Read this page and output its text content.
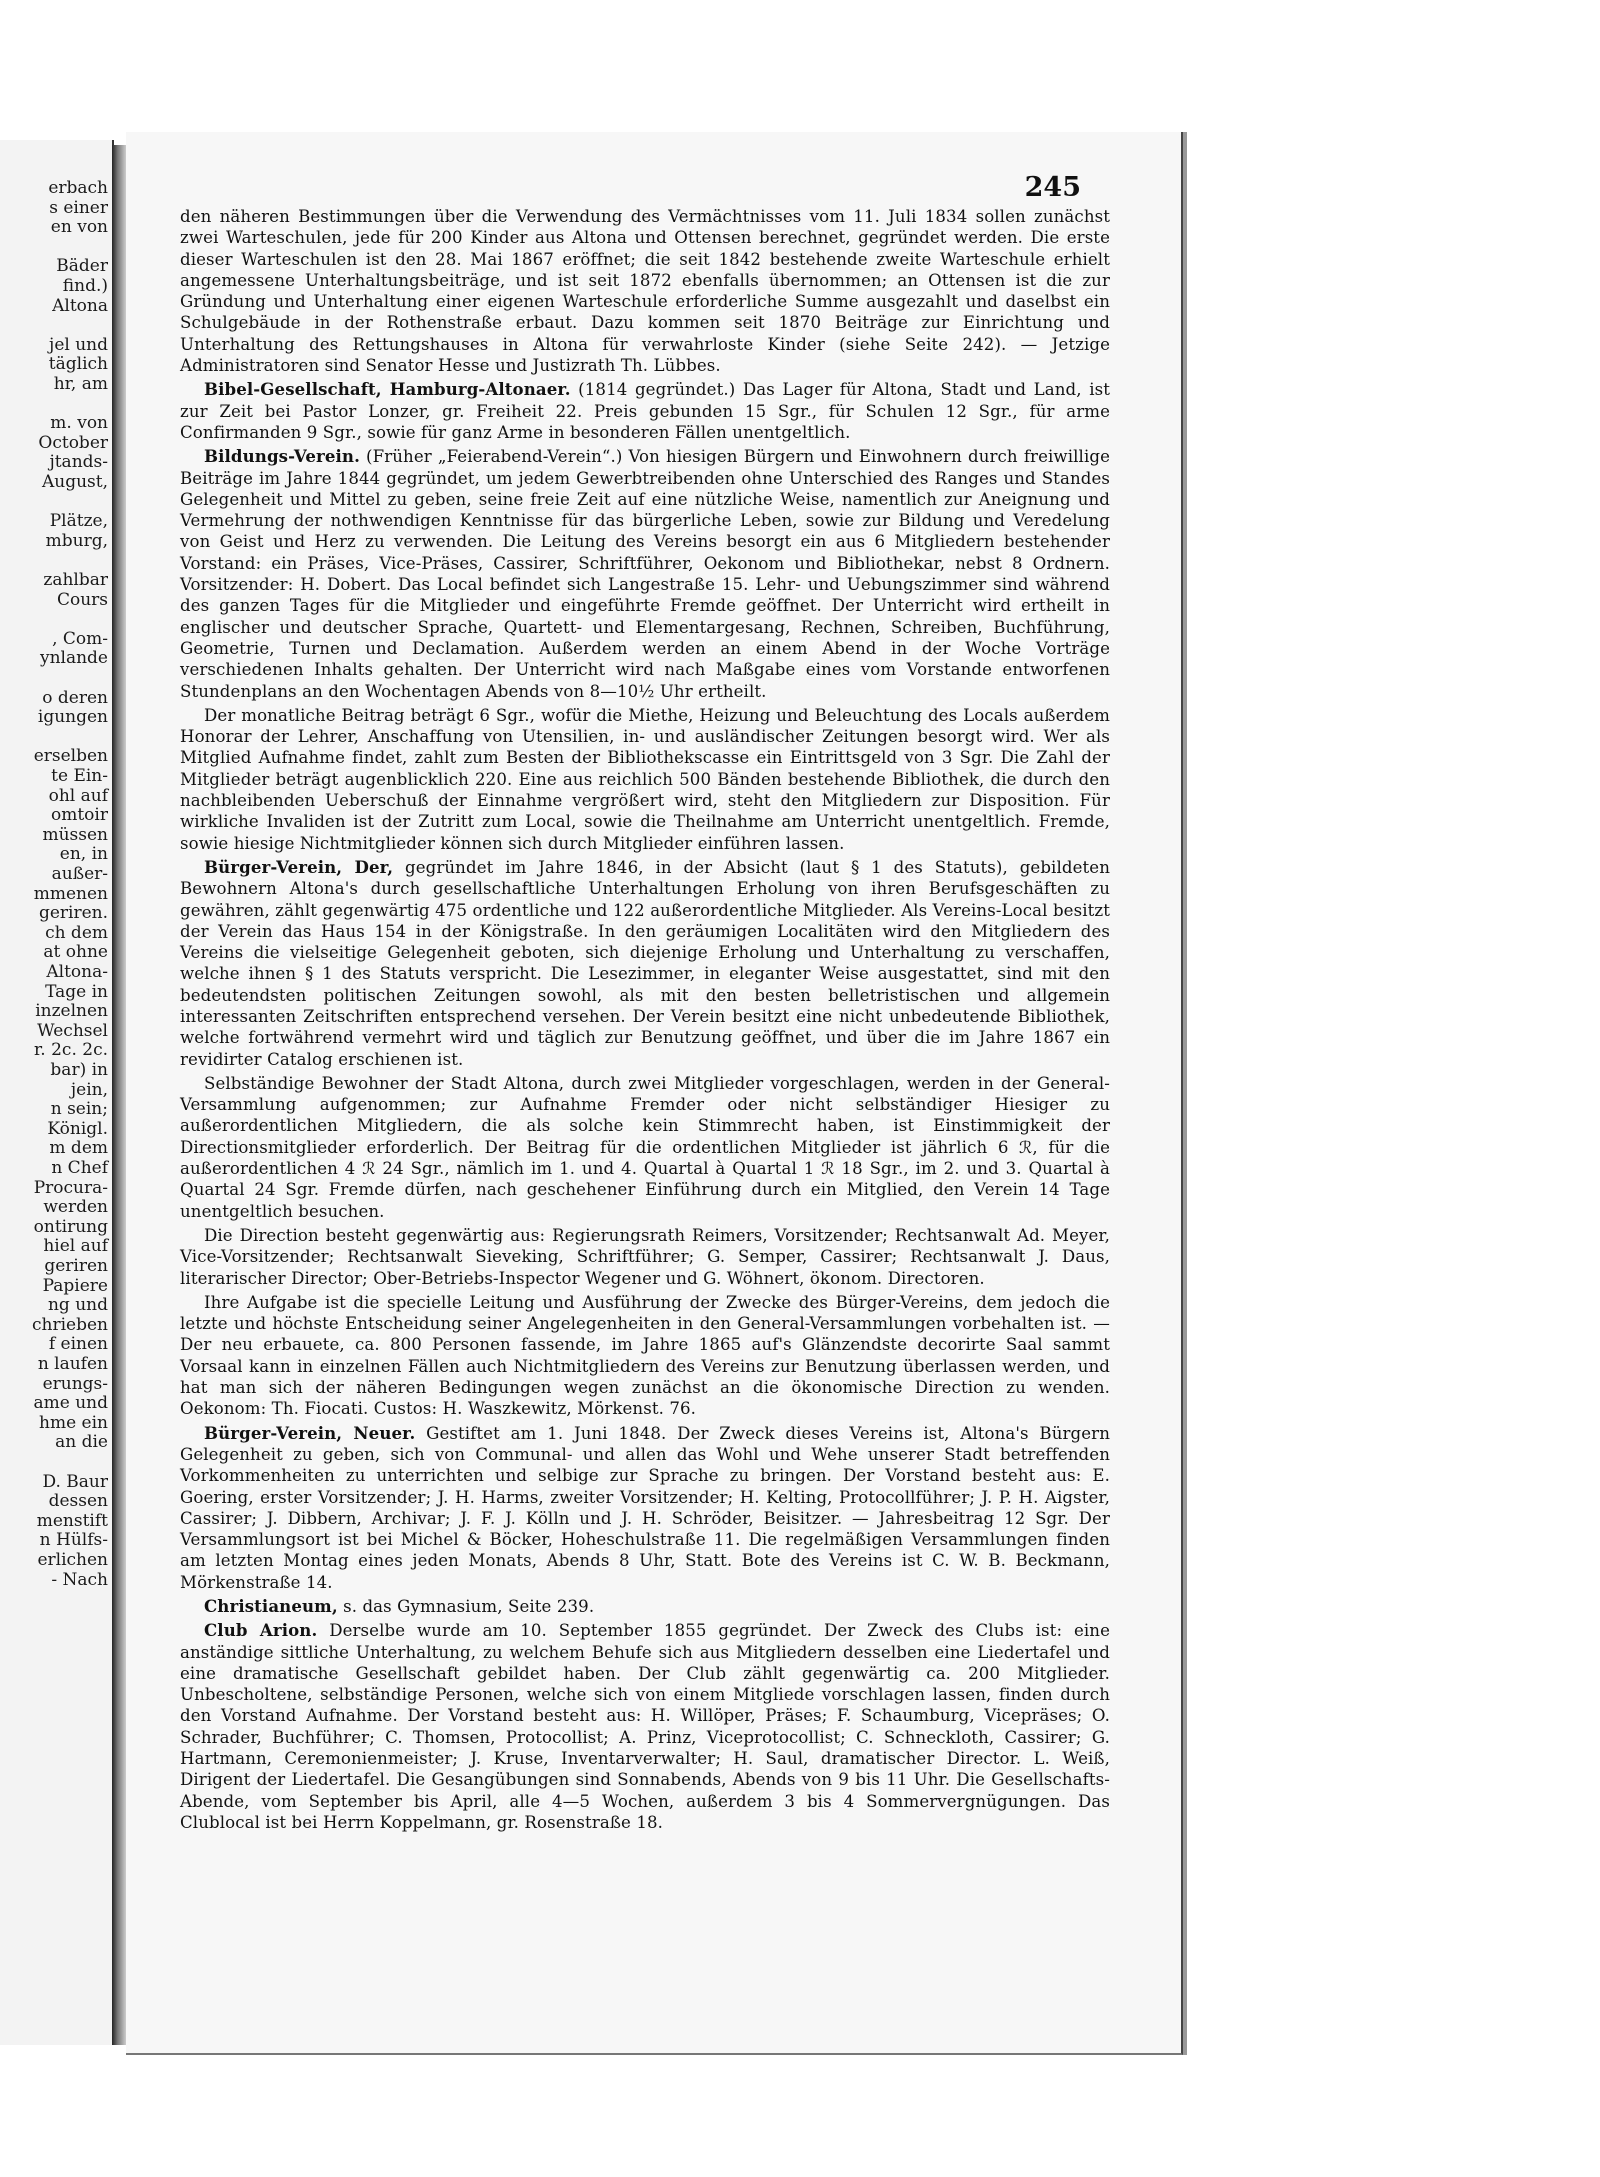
erbach
s einer
en von
Bäder
find.)
Altona
jel und
täglich
hr, am
m. von
October
jtands-
August,
Plätze,
mburg,
zahlbar
Cours
, Com-
ynlande
o deren
igungen
erselben
te Ein-
ohl auf
omtoir
müssen
en, in
außer-
mmenen
geriren.
ch dem
at ohne
Altona-
Tage in
inzelnen
Wechsel
r. 2c. 2c.
bar) in
jein,
n sein;
Königl.
m dem
n Chef
Procura-
werden
ontirung
hiel auf
geriren
Papiere
ng und
chrieben
f einen
n laufen
erungs-
ame und
hme ein
an die
D. Baur
dessen
menstift
n Hülfs-
erlichen
- Nach
245

den näheren Bestimmungen über die Verwendung des Vermächtnisses vom 11. Juli 1834 sollen zunächst zwei Warteschulen, jede für 200 Kinder aus Altona und Ottensen berechnet, gegründet werden. Die erste dieser Warteschulen ist den 28. Mai 1867 eröffnet; die seit 1842 bestehende zweite Warteschule erhielt angemessene Unterhaltungsbeiträge, und ist seit 1872 ebenfalls übernommen; an Ottensen ist die zur Gründung und Unterhaltung einer eigenen Warteschule erforderliche Summe ausgezahlt und daselbst ein Schulgebäude in der Rothenstraße erbaut. Dazu kommen seit 1870 Beiträge zur Einrichtung und Unterhaltung des Rettungshauses in Altona für verwahrloste Kinder (siehe Seite 242). — Jetzige Administratoren sind Senator Hesse und Justizrath Th. Lübbes.

Bibel-Gesellschaft, Hamburg-Altonaer. (1814 gegründet.) Das Lager für Altona, Stadt und Land, ist zur Zeit bei Pastor Lonzer, gr. Freiheit 22. Preis gebunden 15 Sgr., für Schulen 12 Sgr., für arme Confirmanden 9 Sgr., sowie für ganz Arme in besonderen Fällen unentgeltlich.

Bildungs-Verein. (Früher „Feierabend-Verein“.) Von hiesigen Bürgern und Einwohnern durch freiwillige Beiträge im Jahre 1844 gegründet, um jedem Gewerbtreibenden ohne Unterschied des Ranges und Standes Gelegenheit und Mittel zu geben, seine freie Zeit auf eine nützliche Weise, namentlich zur Aneignung und Vermehrung der nothwendigen Kenntnisse für das bürgerliche Leben, sowie zur Bildung und Veredelung von Geist und Herz zu verwenden. Die Leitung des Vereins besorgt ein aus 6 Mitgliedern bestehender Vorstand: ein Präses, Vice-Präses, Cassirer, Schriftführer, Oekonom und Bibliothekar, nebst 8 Ordnern. Vorsitzender: H. Dobert. Das Local befindet sich Langestraße 15. Lehr- und Uebungszimmer sind während des ganzen Tages für die Mitglieder und eingeführte Fremde geöffnet. Der Unterricht wird ertheilt in englischer und deutscher Sprache, Quartett- und Elementargesang, Rechnen, Schreiben, Buchführung, Geometrie, Turnen und Declamation. Außerdem werden an einem Abend in der Woche Vorträge verschiedenen Inhalts gehalten. Der Unterricht wird nach Maßgabe eines vom Vorstande entworfenen Stundenplans an den Wochentagen Abends von 8—10½ Uhr ertheilt.

Der monatliche Beitrag beträgt 6 Sgr., wofür die Miethe, Heizung und Beleuchtung des Locals außerdem Honorar der Lehrer, Anschaffung von Utensilien, in- und ausländischer Zeitungen besorgt wird. Wer als Mitglied Aufnahme findet, zahlt zum Besten der Bibliothekscasse ein Eintrittsgeld von 3 Sgr. Die Zahl der Mitglieder beträgt augenblicklich 220. Eine aus reichlich 500 Bänden bestehende Bibliothek, die durch den nachbleibenden Ueberschuß der Einnahme vergrößert wird, steht den Mitgliedern zur Disposition. Für wirkliche Invaliden ist der Zutritt zum Local, sowie die Theilnahme am Unterricht unentgeltlich. Fremde, sowie hiesige Nichtmitglieder können sich durch Mitglieder einführen lassen.

Bürger-Verein, Der, gegründet im Jahre 1846, in der Absicht (laut § 1 des Statuts), gebildeten Bewohnern Altona's durch gesellschaftliche Unterhaltungen Erholung von ihren Berufsgeschäften zu gewähren, zählt gegenwärtig 475 ordentliche und 122 außerordentliche Mitglieder. Als Vereins-Local besitzt der Verein das Haus 154 in der Königstraße. In den geräumigen Localitäten wird den Mitgliedern des Vereins die vielseitige Gelegenheit geboten, sich diejenige Erholung und Unterhaltung zu verschaffen, welche ihnen § 1 des Statuts verspricht. Die Lesezimmer, in eleganter Weise ausgestattet, sind mit den bedeutendsten politischen Zeitungen sowohl, als mit den besten belletristischen und allgemein interessanten Zeitschriften entsprechend versehen. Der Verein besitzt eine nicht unbedeutende Bibliothek, welche fortwährend vermehrt wird und täglich zur Benutzung geöffnet, und über die im Jahre 1867 ein revidirter Catalog erschienen ist.

Selbständige Bewohner der Stadt Altona, durch zwei Mitglieder vorgeschlagen, werden in der General-Versammlung aufgenommen; zur Aufnahme Fremder oder nicht selbständiger Hiesiger zu außerordentlichen Mitgliedern, die als solche kein Stimmrecht haben, ist Einstimmigkeit der Directionsmitglieder erforderlich. Der Beitrag für die ordentlichen Mitglieder ist jährlich 6 ℛ, für die außerordentlichen 4 ℛ 24 Sgr., nämlich im 1. und 4. Quartal à Quartal 1 ℛ 18 Sgr., im 2. und 3. Quartal à Quartal 24 Sgr. Fremde dürfen, nach geschehener Einführung durch ein Mitglied, den Verein 14 Tage unentgeltlich besuchen.

Die Direction besteht gegenwärtig aus: Regierungsrath Reimers, Vorsitzender; Rechtsanwalt Ad. Meyer, Vice-Vorsitzender; Rechtsanwalt Sieveking, Schriftführer; G. Semper, Cassirer; Rechtsanwalt J. Daus, literarischer Director; Ober-Betriebs-Inspector Wegener und G. Wöhnert, ökonom. Directoren.

Ihre Aufgabe ist die specielle Leitung und Ausführung der Zwecke des Bürger-Vereins, dem jedoch die letzte und höchste Entscheidung seiner Angelegenheiten in den General-Versammlungen vorbehalten ist. — Der neu erbauete, ca. 800 Personen fassende, im Jahre 1865 auf's Glänzendste decorirte Saal sammt Vorsaal kann in einzelnen Fällen auch Nichtmitgliedern des Vereins zur Benutzung überlassen werden, und hat man sich der näheren Bedingungen wegen zunächst an die ökonomische Direction zu wenden. Oekonom: Th. Fiocati. Custos: H. Waszkewitz, Mörkenst. 76.

Bürger-Verein, Neuer. Gestiftet am 1. Juni 1848. Der Zweck dieses Vereins ist, Altona's Bürgern Gelegenheit zu geben, sich von Communal- und allen das Wohl und Wehe unserer Stadt betreffenden Vorkommenheiten zu unterrichten und selbige zur Sprache zu bringen. Der Vorstand besteht aus: E. Goering, erster Vorsitzender; J. H. Harms, zweiter Vorsitzender; H. Kelting, Protocollführer; J. P. H. Aigster, Cassirer; J. Dibbern, Archivar; J. F. J. Kölln und J. H. Schröder, Beisitzer. — Jahresbeitrag 12 Sgr. Der Versammlungsort ist bei Michel & Böcker, Hoheschulstraße 11. Die regelmäßigen Versammlungen finden am letzten Montag eines jeden Monats, Abends 8 Uhr, Statt. Bote des Vereins ist C. W. B. Beckmann, Mörkenstraße 14.

Christianeum, s. das Gymnasium, Seite 239.

Club Arion. Derselbe wurde am 10. September 1855 gegründet. Der Zweck des Clubs ist: eine anständige sittliche Unterhaltung, zu welchem Behufe sich aus Mitgliedern desselben eine Liedertafel und eine dramatische Gesellschaft gebildet haben. Der Club zählt gegenwärtig ca. 200 Mitglieder. Unbescholtene, selbständige Personen, welche sich von einem Mitgliede vorschlagen lassen, finden durch den Vorstand Aufnahme. Der Vorstand besteht aus: H. Willöper, Präses; F. Schaumburg, Vicepräses; O. Schrader, Buchführer; C. Thomsen, Protocollist; A. Prinz, Viceprotocollist; C. Schneckloth, Cassirer; G. Hartmann, Ceremonienmeister; J. Kruse, Inventarverwalter; H. Saul, dramatischer Director. L. Weiß, Dirigent der Liedertafel. Die Gesangübungen sind Sonnabends, Abends von 9 bis 11 Uhr. Die Gesellschafts-Abende, vom September bis April, alle 4—5 Wochen, außerdem 3 bis 4 Sommervergnügungen. Das Clublocal ist bei Herrn Koppelmann, gr. Rosenstraße 18.
